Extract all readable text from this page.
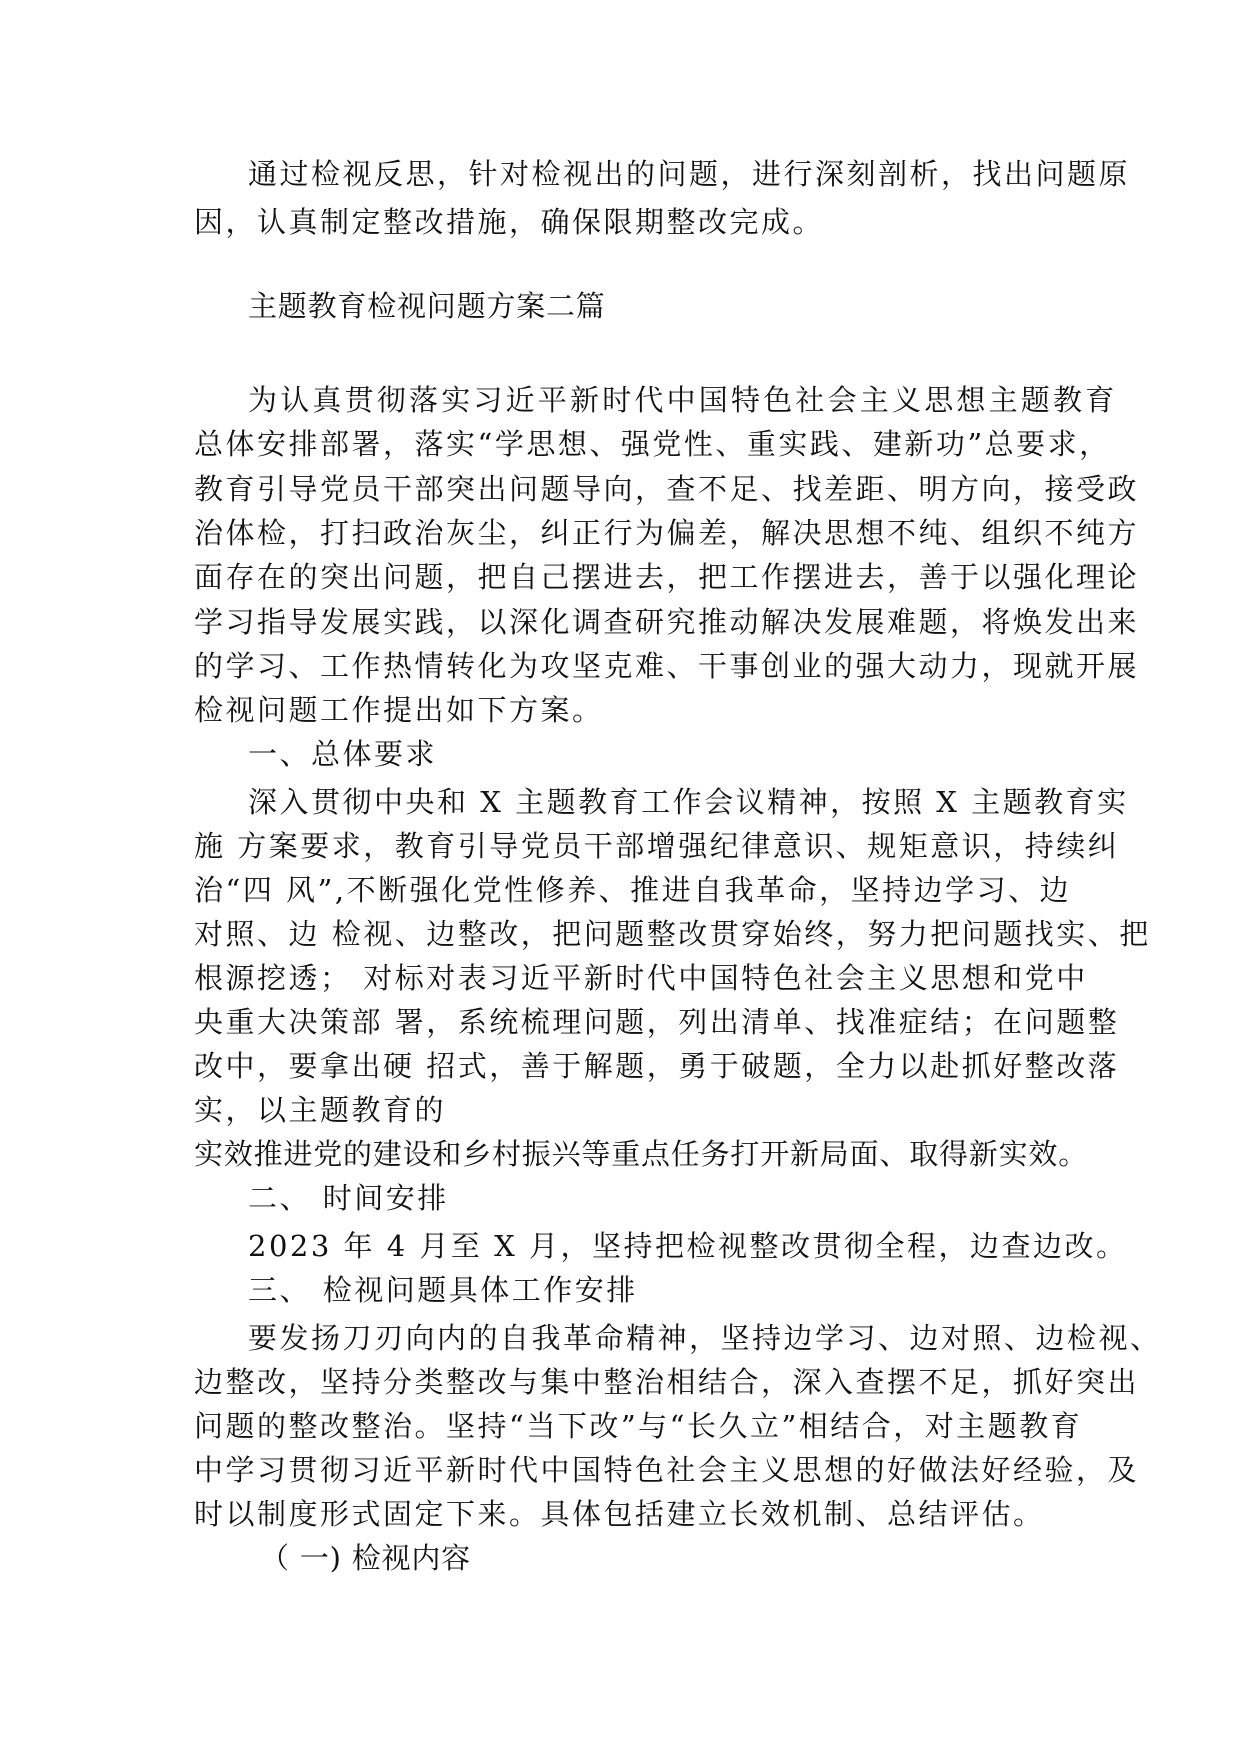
通过检视反思，针对检视出的问题，进行深刻剖析，找出问题原

因，认真制定整改措施，确保限期整改完成。

主题教育检视问题方案二篇

为认真贯彻落实习近平新时代中国特色社会主义思想主题教育

总体安排部署，落实“学思想、强党性、重实践、建新功”总要求，

教育引导党员干部突出问题导向，查不足、找差距、明方向，接受政

治体检，打扫政治灰尘，纠正行为偏差，解决思想不纯、组织不纯方

面存在的突出问题，把自己摆进去，把工作摆进去，善于以强化理论

学习指导发展实践，以深化调查研究推动解决发展难题，将焕发出来

的学习、工作热情转化为攻坚克难、干事创业的强大动力，现就开展

检视问题工作提出如下方案。

一、总体要求

深入贯彻中央和 X 主题教育工作会议精神，按照 X 主题教育实

施 方案要求，教育引导党员干部增强纪律意识、规矩意识，持续纠

治“四 风”,不断强化党性修养、推进自我革命，坚持边学习、边

对照、边 检视、边整改，把问题整改贯穿始终，努力把问题找实、把

根源挖透； 对标对表习近平新时代中国特色社会主义思想和党中

央重大决策部 署，系统梳理问题，列出清单、找准症结；在问题整

改中，要拿出硬 招式，善于解题，勇于破题，全力以赴抓好整改落

实，以主题教育的

实效推进党的建设和乡村振兴等重点任务打开新局面、取得新实效。

二、 时间安排

2023 年 4 月至 X 月，坚持把检视整改贯彻全程，边查边改。

三、 检视问题具体工作安排

要发扬刀刃向内的自我革命精神，坚持边学习、边对照、边检视、

边整改，坚持分类整改与集中整治相结合，深入查摆不足，抓好突出

问题的整改整治。坚持“当下改”与“长久立”相结合，对主题教育

中学习贯彻习近平新时代中国特色社会主义思想的好做法好经验，及

时以制度形式固定下来。具体包括建立长效机制、总结评估。

（ 一) 检视内容
